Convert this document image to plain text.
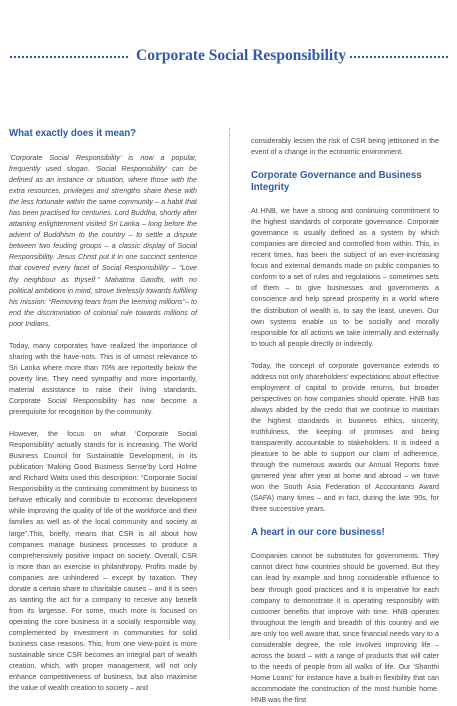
Corporate Social Responsibility
What exactly does it mean?

‘Corporate Social Responsibility’ is now a popular, frequently used slogan. ‘Social Responsibility’ can be defined as an instance or situation, where those with the extra resources, privileges and strengths share these with the less fortunate within the same community – a habit that has been practised for centuries. Lord Buddha, shortly after attaining enlightenment visited Sri Lanka – long before the advent of Buddhism to the country – to settle a dispute between two feuding groups – a classic display of Social Responsibility. Jesus Christ put it in one succinct sentence that covered every facet of Social Responsibility – “Love thy neighbour as thyself.” Mahatma Gandhi, with no political ambitions in mind, strove tirelessly towards fulfilling his mission: “Removing tears from the teeming millions”– to end the discrimination of colonial rule towards millions of poor Indians.

Today, many corporates have realized the importance of sharing with the have-nots. This is of utmost relevance to Sri Lanka where more than 70% are reportedly below the poverty line. They need sympathy and more importantly, material assistance to raise their living standards. Corporate Social Responsibility has now become a prerequisite for recognition by the community.

However, the focus on what ‘Corporate Social Responsibility’ actually stands for is increasing. The World Business Council for Sustainable Development, in its publication ‘Making Good Business Sense’by Lord Holme and Richard Watts used this description: “Corporate Social Responsibility is the continuing commitment by business to behave ethically and contribute to economic development while improving the quality of life of the workforce and their families as well as of the local community and society at large”.This, briefly, means that CSR is all about how companies manage business processes to produce a comprehensively positive impact on society. Overall, CSR is more than an exercise in philanthropy. Profits made by companies are unhindered – except by taxation. They donate a certain share to charitable causes – and it is seen as tainting the act for a company to receive any benefit from its largesse. For some, much more is focused on operating the core business in a socially responsible way, complemented by investment in communities for solid business case reasons. This, from one view-point is more sustainable since CSR becomes an integral part of wealth creation, which, with proper management, will not only enhance competitiveness of business, but also maximise the value of wealth creation to society – and

considerably lessen the risk of CSR being jettisoned in the event of a change in the economic environment.

Corporate Governance and Business Integrity

At HNB, we have a strong and continuing commitment to the highest standards of corporate governance. Corporate governance is usually defined as a system by which companies are directed and controlled from within. This, in recent times, has been the subject of an ever-increasing focus and external demands made on public companies to conform to a set of rules and regulations – sometimes sets of them – to give businesses and governments a conscience and help spread prosperity in a world where the distribution of wealth is, to say the least, uneven. Our own systems enable us to be socially and morally responsible for all actions we take internally and externally to touch all people directly or indirectly.

Today, the concept of corporate governance extends to address not only shareholders’ expectations about effective employment of capital to provide returns, but broader perspectives on how companies should operate. HNB has always abided by the credo that we continue to maintain the highest standards in business ethics, sincerity, truthfulness, the keeping of promises and being transparently accountable to stakeholders. It is indeed a pleasure to be able to support our claim of adherence, through the numerous awards our Annual Reports have garnered year after year at home and abroad – we have won the South Asia Federation of Accountants Award (SAFA) many times – and in fact, during the late ‘90s, for three successive years.

A heart in our core business!

Companies cannot be substitutes for governments. They cannot direct how countries should be governed. But they can lead by example and bring considerable influence to bear through good practices and it is imperative for each company to demonstrate it is operating responsibly with customer benefits that improve with time. HNB operates throughout the length and breadth of this country and we are only too well aware that, since financial needs vary to a considerable degree, the role involves improving life – across the board – with a range of products that will cater to the needs of people from all walks of life. Our ‘Shanthi Home Loans’ for instance have a built-in flexibility that can accommodate the construction of the most humble home. HNB was the first
